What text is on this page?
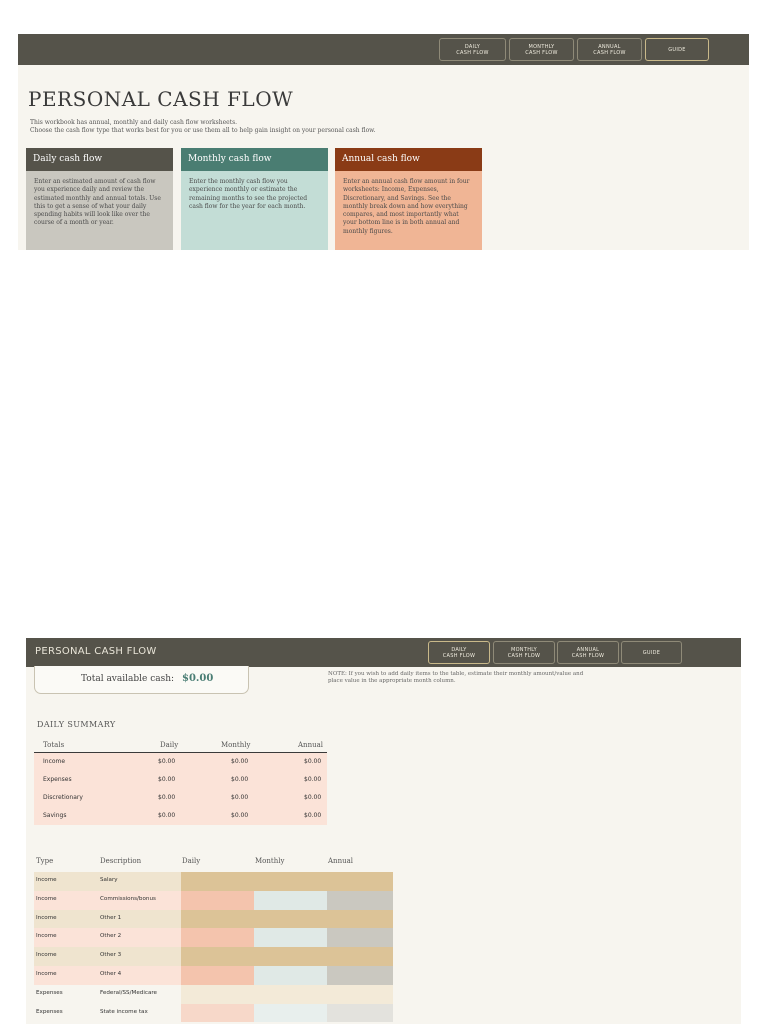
DAILY
CASH FLOW
MONTHLY
CASH FLOW
ANNUAL
CASH FLOW	GUIDE
PERSONAL CASH FLOW
This workbook has annual, monthly and daily cash flow worksheets.
Choose the cash flow type that works best for you or use them all to help gain insight on your personal cash flow.
Daily cash flow
Enter an estimated amount of cash flow you experience daily and review the estimated monthly and annual totals. Use this to get a sense of what your daily spending habits will look like over the course of a month or year.
Monthly cash flow
Enter the monthly cash flow you experience monthly or estimate the remaining months to see the projected cash flow for the year for each month.
Annual cash flow
Enter an annual cash flow amount in four worksheets: Income, Expenses, Discretionary, and Savings. See the monthly break down and how everything compares, and most importantly what your bottom line is in both annual and monthly figures.
PERSONAL CASH FLOW	DAILY
CASH FLOW
MONTHLY
CASH FLOW
ANNUAL
CASH FLOW	GUIDE
Total available cash: $0.00	NOTE: If you wish to add daily items to the table, estimate their monthly amount/value and place value in the appropriate month column.
DAILY SUMMARY
Totals	Daily	Monthly	Annual
Income	$0.00	$0.00	$0.00
Expenses	$0.00	$0.00	$0.00
Discretionary	$0.00	$0.00	$0.00
Savings	$0.00	$0.00	$0.00
Type	Description	Daily	Monthly	Annual
Income	Salary
Income	Commissions/bonus
Income	Other 1
Income	Other 2
Income	Other 3
Income	Other 4
Expenses	Federal/SS/Medicare
Expenses	State income tax
